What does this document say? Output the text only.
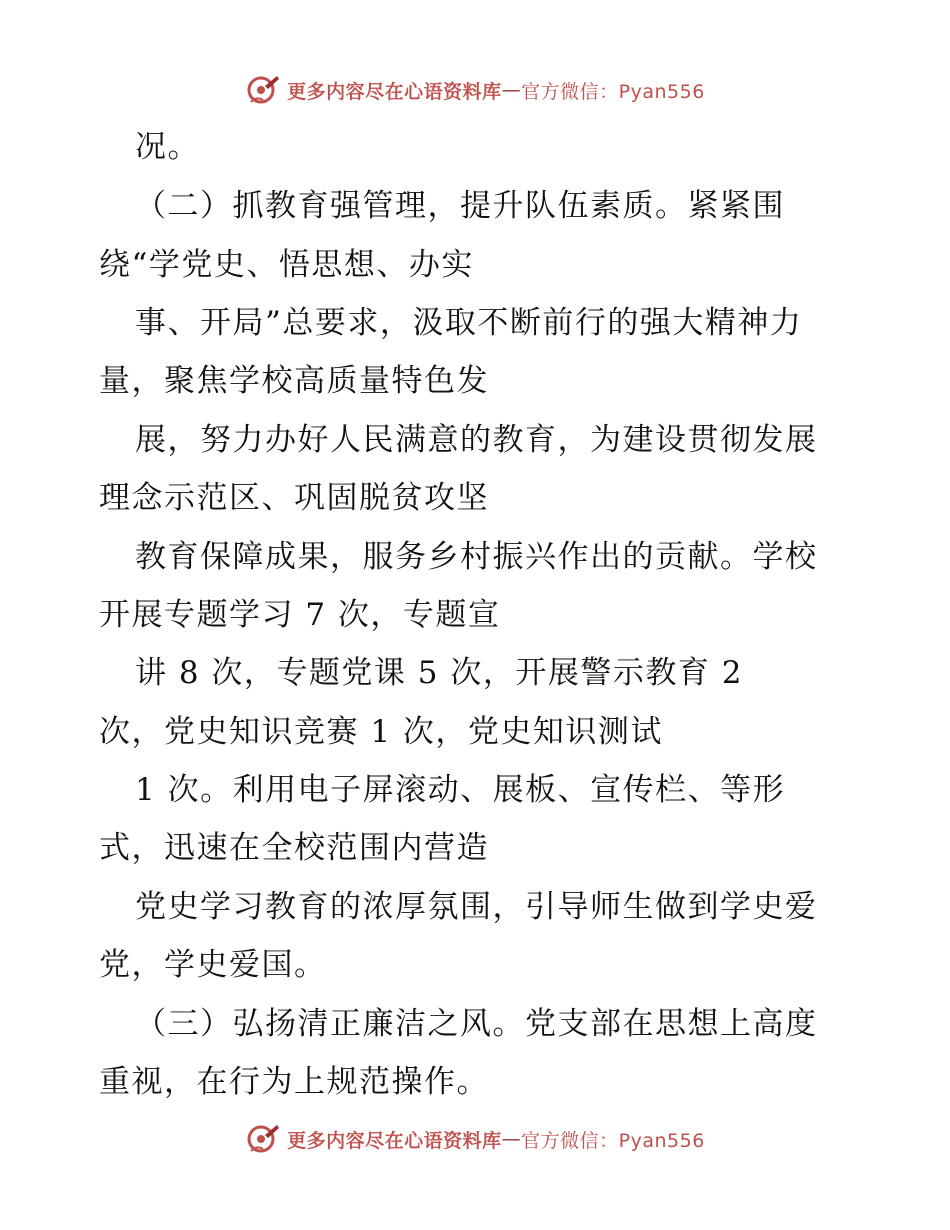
更多内容尽在心语资料库 — 官方微信：Pyan556
况。
（二）抓教育强管理，提升队伍素质。紧紧围
绕“学党史、悟思想、办实
事、开局”总要求，汲取不断前行的强大精神力
量，聚焦学校高质量特色发
展，努力办好人民满意的教育，为建设贯彻发展
理念示范区、巩固脱贫攻坚
教育保障成果，服务乡村振兴作出的贡献。学校
开展专题学习 7 次，专题宣
讲 8 次，专题党课 5 次，开展警示教育 2
次，党史知识竞赛 1 次，党史知识测试
1 次。利用电子屏滚动、展板、宣传栏、等形
式，迅速在全校范围内营造
党史学习教育的浓厚氛围，引导师生做到学史爱
党，学史爱国。
（三）弘扬清正廉洁之风。党支部在思想上高度
重视，在行为上规范操作。
更多内容尽在心语资料库 — 官方微信：Pyan556
